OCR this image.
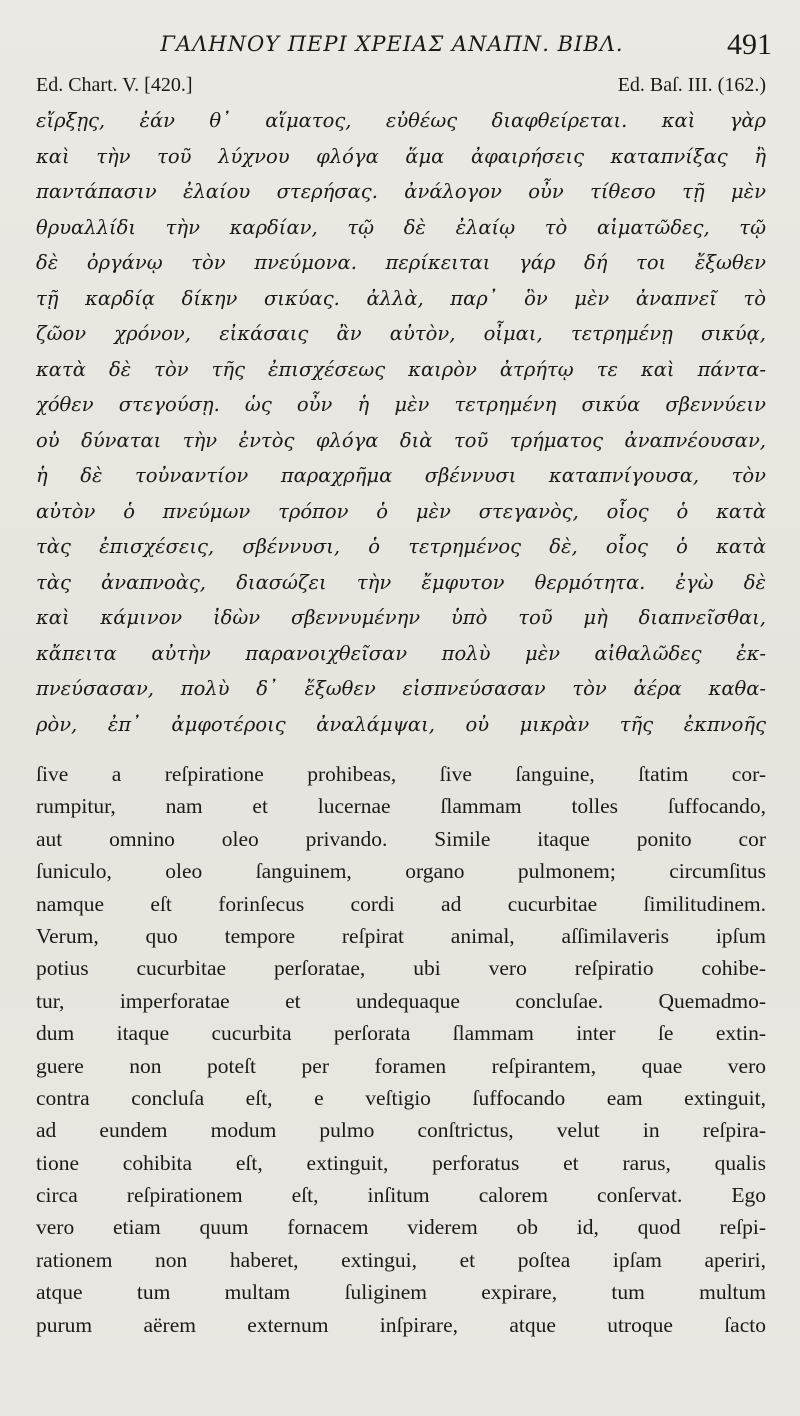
ΓΑΛΗΝΟΥ ΠΕΡΙ ΧΡΕΙΑΣ ΑΝΑΠΝ. ΒΙΒΛ.	491
Ed. Chart. V. [420.]	Ed. Baſ. III. (162.)
εἴρξῃς, ἐάν θ᾽ αἵματος, εὐθέως διαφθείρεται. καὶ γὰρ
καὶ τὴν τοῦ λύχνου φλόγα ἅμα ἀφαιρήσεις καταπνίξας ἢ
παντάπασιν ἐλαίου στερήσας. ἀνάλογον οὖν τίθεσο τῇ μὲν
θρυαλλίδι τὴν καρδίαν, τῷ δὲ ἐλαίῳ τὸ αἱματῶδες, τῷ
δὲ ὀργάνῳ τὸν πνεύμονα. περίκειται γάρ δή τοι ἔξωθεν
τῇ καρδίᾳ δίκην σικύας. ἀλλὰ, παρ᾽ ὃν μὲν ἀναπνεῖ τὸ
ζῶον χρόνον, εἰκάσαις ἂν αὐτὸν, οἶμαι, τετρημένῃ σικύᾳ,
κατὰ δὲ τὸν τῆς ἐπισχέσεως καιρὸν ἀτρήτῳ τε καὶ πάντα-
χόθεν στεγούσῃ. ὡς οὖν ἡ μὲν τετρημένη σικύα σβεννύειν
οὐ δύναται τὴν ἐντὸς φλόγα διὰ τοῦ τρήματος ἀναπνέουσαν,
ἡ δὲ τοὐναντίον παραχρῆμα σβέννυσι καταπνίγουσα, τὸν
αὐτὸν ὁ πνεύμων τρόπον ὁ μὲν στεγανὸς, οἷος ὁ κατὰ
τὰς ἐπισχέσεις, σβέννυσι, ὁ τετρημένος δὲ, οἷος ὁ κατὰ
τὰς ἀναπνοὰς, διασώζει τὴν ἔμφυτον θερμότητα. ἐγὼ δὲ
καὶ κάμινον ἰδὼν σβεννυμένην ὑπὸ τοῦ μὴ διαπνεῖσθαι,
κἄπειτα αὐτὴν παρανοιχθεῖσαν πολὺ μὲν αἰθαλῶδες ἐκ-
πνεύσασαν, πολὺ δ᾽ ἔξωθεν εἰσπνεύσασαν τὸν ἀέρα καθα-
ρὸν, ἐπ᾽ ἀμφοτέροις ἀναλάμψαι, οὐ μικρὰν τῆς ἐκπνοῆς
ſive a reſpiratione prohibeas, ſive ſanguine, ſtatim cor-
rumpitur, nam et lucernae ſlammam tolles ſuffocando,
aut omnino oleo privando. Simile itaque ponito cor
ſuniculo, oleo ſanguinem, organo pulmonem; circumſitus
namque eſt forinſecus cordi ad cucurbitae ſimilitudinem.
Verum, quo tempore reſpirat animal, aſſimilaveris ipſum
potius cucurbitae perſoratae, ubi vero reſpiratio cohibe-
tur, imperforatae et undequaque concluſae. Quemadmo-
dum itaque cucurbita perſorata ſlammam inter ſe extin-
guere non poteſt per foramen reſpirantem, quae vero
contra concluſa eſt, e veſtigio ſuffocando eam extinguit,
ad eundem modum pulmo conſtrictus, velut in reſpira-
tione cohibita eſt, extinguit, perforatus et rarus, qualis
circa reſpirationem eſt, inſitum calorem conſervat. Ego
vero etiam quum fornacem viderem ob id, quod reſpi-
rationem non haberet, extingui, et poſtea ipſam aperiri,
atque tum multam ſuliginem expirare, tum multum
purum aërem externum inſpirare, atque utroque ſacto
